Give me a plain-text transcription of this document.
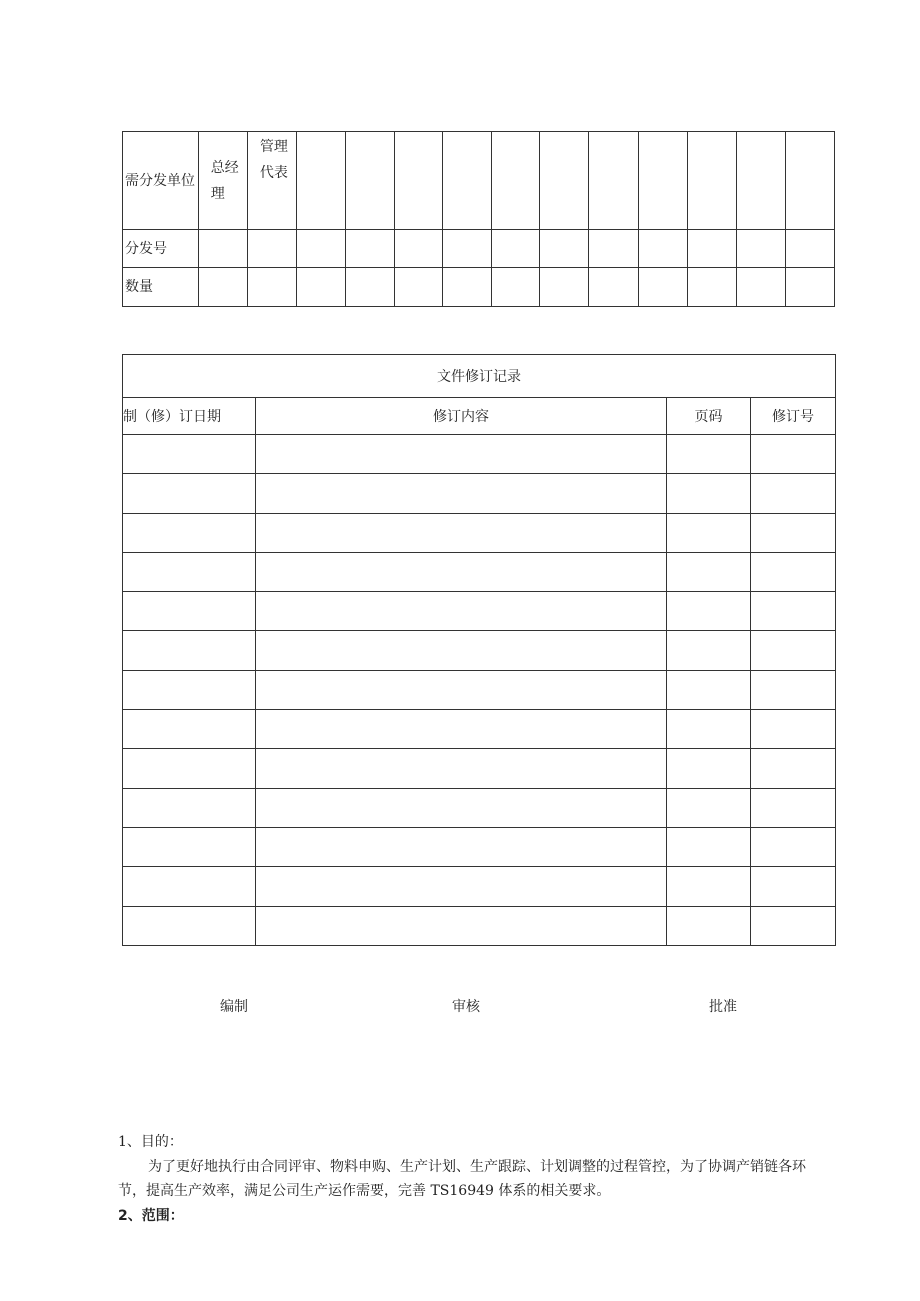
需分发单位	总经理	管理代表											
分发号													
数量													
文件修订记录			
制（修）订日期	修订内容	页码	修订号

编制	审核	批准
1、目的：
为了更好地执行由合同评审、物料申购、生产计划、生产跟踪、计划调整的过程管控，为了协调产销链各环
节，提高生产效率，满足公司生产运作需要，完善 TS16949 体系的相关要求。
2、范围：
